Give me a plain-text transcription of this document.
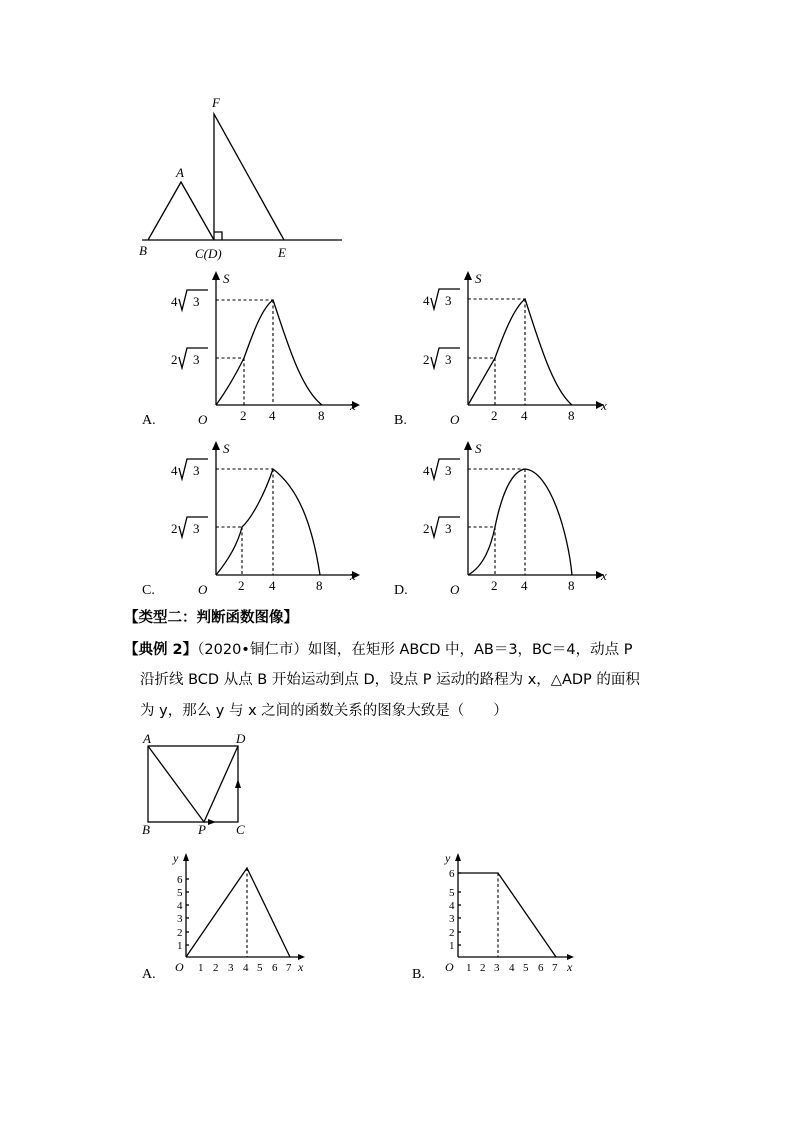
F
A
B	C(D)	E
S
x
O
4 3
2 3
2 4	8
A.
S
x
O
4 3
2 3
2 4	8
B.
S
x
O
4 3
2 3
2 4	8
C.
S
x
O
4 3
2 3
2 4	8
D.
【类型二：判断函数图像】
【典例 2】（2020•铜仁市）如图，在矩形 ABCD 中，AB＝3，BC＝4，动点 P
沿折线 BCD 从点 B 开始运动到点 D，设点 P 运动的路程为 x，△ADP 的面积
为 y，那么 y 与 x 之间的函数关系的图象大致是（　　）
A	D
B	P C
y
x
O
1
2
3
4
5
6
1 2 3 4 5 6 7
A.
y
x
O
1
2
3
4
5
6
1 2 3 4 5 6 7
B.
